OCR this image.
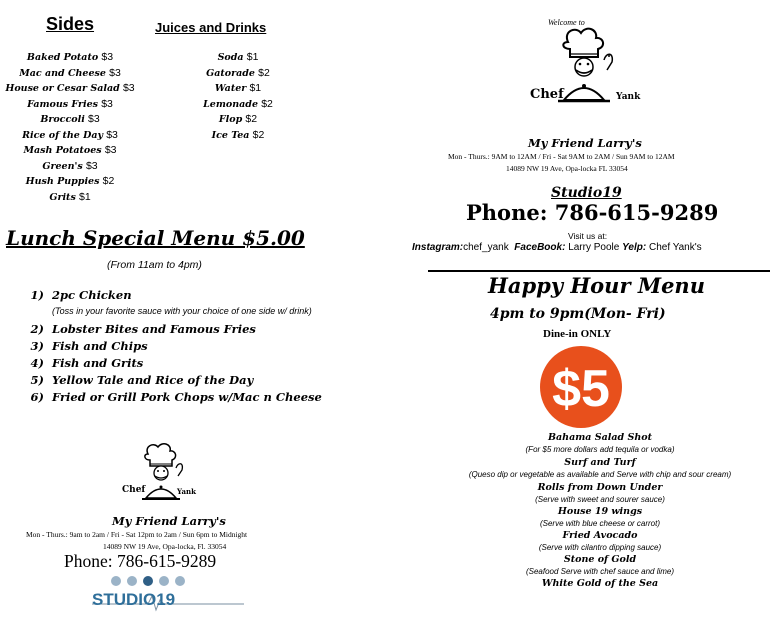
Sides
Baked Potato $3
Mac and Cheese $3
House or Cesar Salad $3
Famous Fries $3
Broccoli $3
Rice of the Day $3
Mash Potatoes $3
Green's $3
Hush Puppies $2
Grits $1
Juices and Drinks
Soda $1
Gatorade $2
Water $1
Lemonade $2
Flop $2
Ice Tea $2
Lunch Special Menu $5.00
(From 11am to 4pm)
1) 2pc Chicken
(Toss in your favorite sauce with your choice of one side w/ drink)
2) Lobster Bites and Famous Fries
3) Fish and Chips
4) Fish and Grits
5) Yellow Tale and Rice of the Day
6) Fried or Grill Pork Chops w/Mac n Cheese
Chef	Yank
My Friend Larry's
Mon - Thurs.: 9am to 2am / Fri - Sat 12pm to 2am / Sun 6pm to Midnight
14089 NW 19 Ave, Opa-locka, Fl. 33054
Phone: 786-615-9289
STUDIO19
Welcome to
Chef	Yank
My Friend Larry's
Mon - Thurs.: 9AM to 12AM / Fri - Sat 9AM to 2AM / Sun 9AM to 12AM
14089 NW 19 Ave, Opa-locka FL 33054
Studio19
Phone: 786-615-9289
Visit us at:
Instagram:chef_yank FaceBook: Larry Poole Yelp: Chef Yank's
Happy Hour Menu
4pm to 9pm(Mon- Fri)
Dine-in ONLY
$5
Bahama Salad Shot
(For $5 more dollars add tequila or vodka)
Surf and Turf
(Queso dip or vegetable as available and Serve with chip and sour cream)
Rolls from Down Under
(Serve with sweet and sourer sauce)
House 19 wings
(Serve with blue cheese or carrot)
Fried Avocado
(Serve with cilantro dipping sauce)
Stone of Gold
(Seafood Serve with chef sauce and lime)
White Gold of the Sea
